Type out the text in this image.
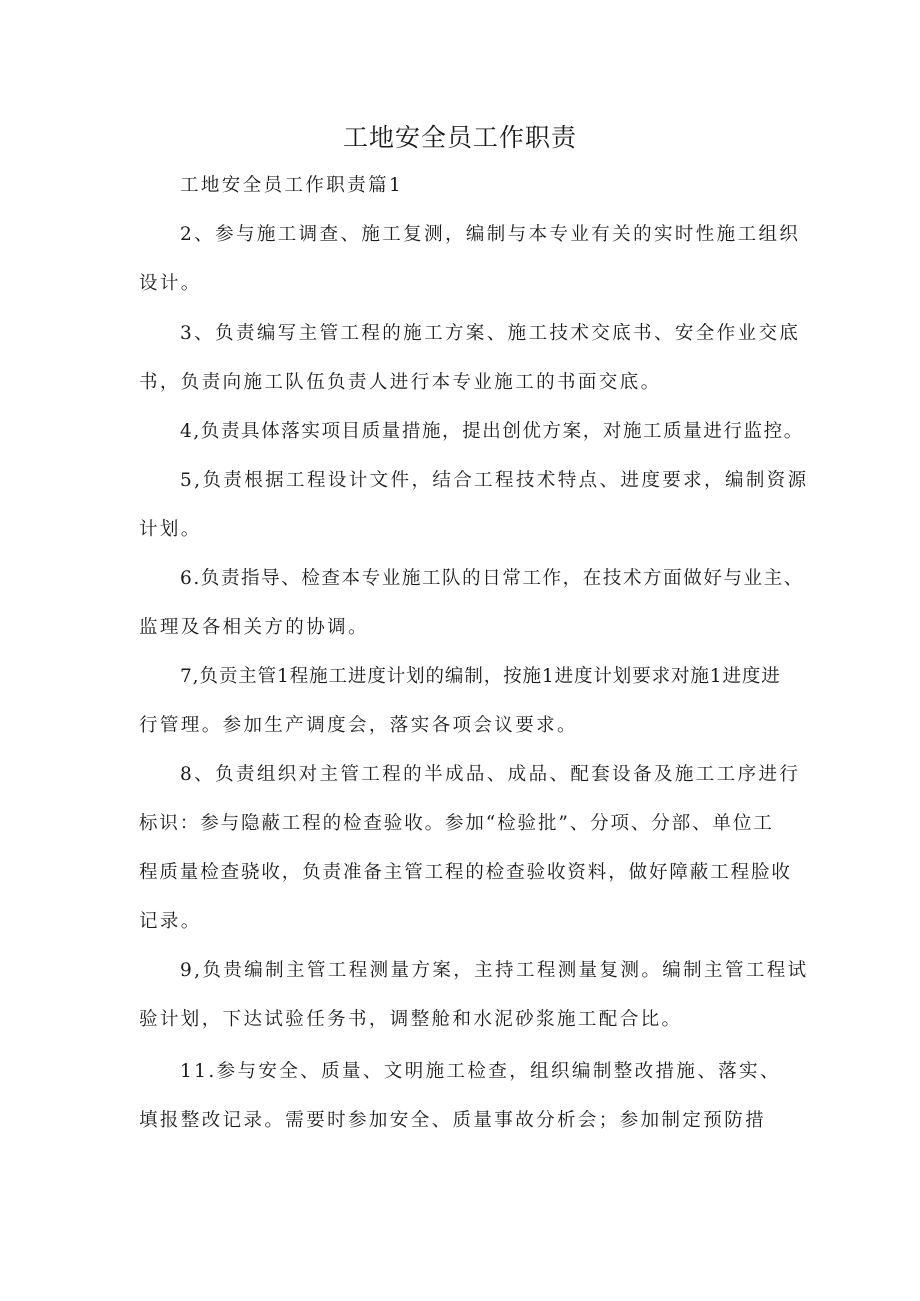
工地安全员工作职责
工地安全员工作职责篇1
2、参与施工调查、施工复测，编制与本专业有关的实时性施工组织
设计。
3、负责编写主管工程的施工方案、施工技术交底书、安全作业交底
书，负责向施工队伍负责人进行本专业施工的书面交底。
4,负责具体落实项目质量措施，提出创优方案，对施工质量进行监控。
5,负责根据工程设计文件，结合工程技术特点、进度要求，编制资源
计划。
6.负责指导、检查本专业施工队的日常工作，在技术方面做好与业主、
监理及各相关方的协调。
7,负贡主管1程施工进度计划的编制，按施1进度计划要求对施1进度进
行管理。参加生产调度会，落实各项会议要求。
8、负责组织对主管工程的半成品、成品、配套设备及施工工序进行
标识：参与隐蔽工程的检查验收。参加“检验批”、分项、分部、单位工
程质量检查骁收，负责准备主管工程的检查验收资料，做好障蔽工程脸收
记录。
9,负贵编制主管工程测量方案，主持工程测量复测。编制主管工程试
验计划，下达试验任务书，调整舱和水泥砂浆施工配合比。
11.参与安全、质量、文明施工检查，组织编制整改措施、落实、
填报整改记录。需要时参加安全、质量事故分析会；参加制定预防措
